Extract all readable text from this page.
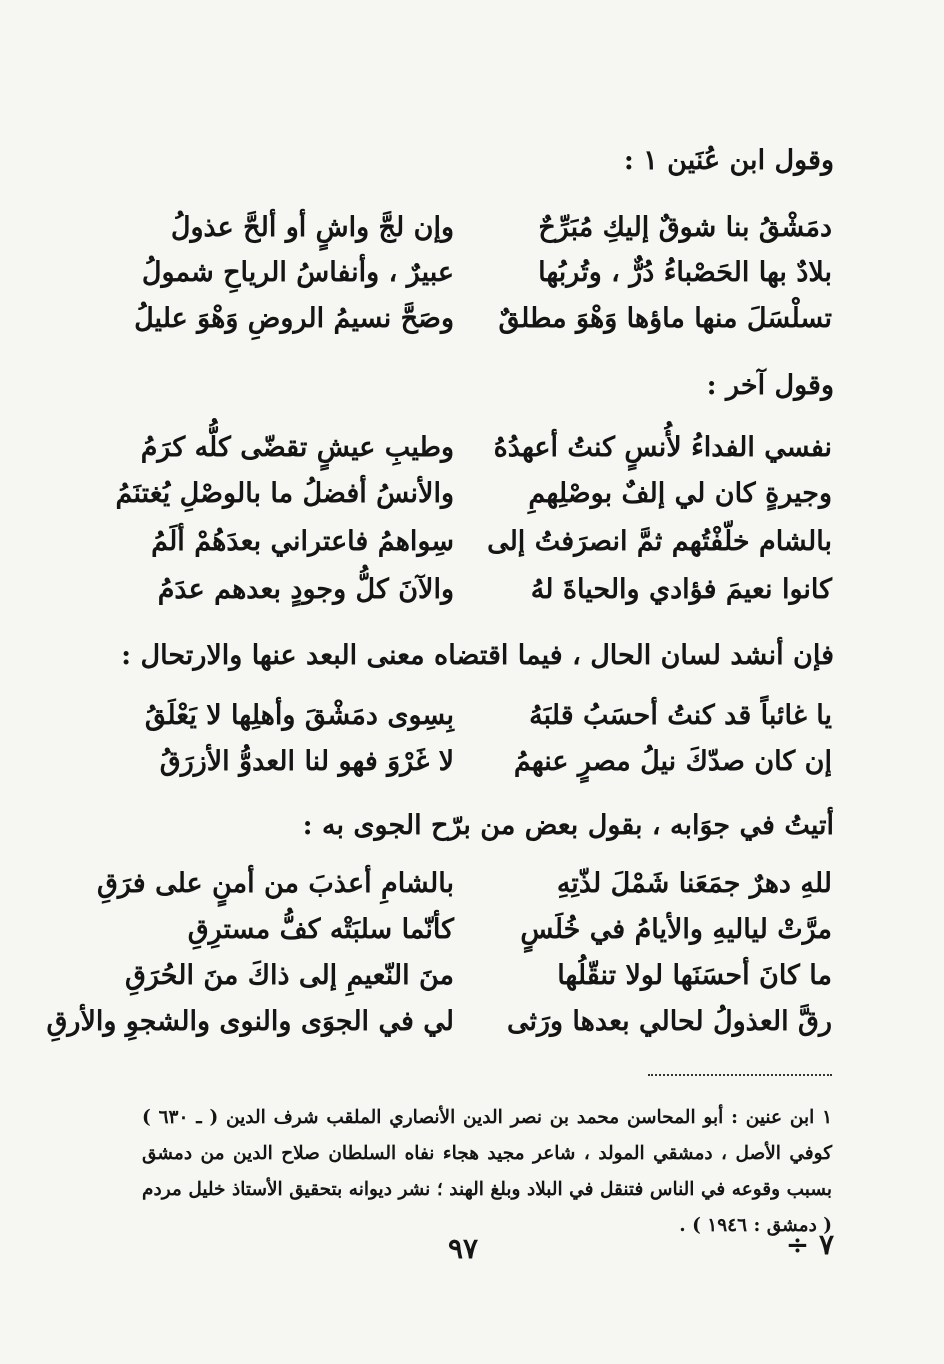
وقول ابن عُنَين ١ :
دمَشْقُ بنا شوقٌ إليكِ مُبَرِّحٌ
وإن لجَّ واشٍ أو ألحَّ عذولُ
بلادٌ بها الحَصْباءُ دُرٌّ ، وتُربُها
عبيرٌ ، وأنفاسُ الرياحِ شمولُ
تسلْسَلَ منها ماؤها وَهْوَ مطلقٌ
وصَحَّ نسيمُ الروضِ وَهْوَ عليلُ
وقول آخر :
نفسي الفداءُ لأُنسٍ كنتُ أعهدُهُ
وطيبِ عيشٍ تقضّى كلُّه كرَمُ
وجيرةٍ كان لي إلفٌ بوصْلِهمِ
والأنسُ أفضلُ ما بالوصْلِ يُغتنَمُ
بالشام خلّفْتُهم ثمَّ انصرَفتُ إلى
سِواهمُ فاعتراني بعدَهُمْ ألَمُ
كانوا نعيمَ فؤادي والحياةَ لهُ
والآنَ كلُّ وجودٍ بعدهم عدَمُ
فإن أنشد لسان الحال ، فيما اقتضاه معنى البعد عنها والارتحال :
يا غائباً قد كنتُ أحسَبُ قلبَهُ
بِسِوى دمَشْقَ وأهلِها لا يَعْلَقُ
إن كان صدّكَ نيلُ مصرٍ عنهمُ
لا غَرْوَ فهو لنا العدوُّ الأزرَقُ
أتيتُ في جوَابه ، بقول بعض من برّح الجوى به :
للهِ دهرٌ جمَعَنا شَمْلَ لذّتِهِ
بالشامِ أعذبَ من أمنٍ على فرَقِ
مرَّتْ لياليهِ والأيامُ في خُلَسٍ
كأنّما سلبَتْه كفُّ مسترِقِ
ما كانَ أحسَنَها لولا تنقّلُها
منَ النّعيمِ إلى ذاكَ منَ الحُرَقِ
رقَّ العذولُ لحالي بعدها ورَثى
لي في الجوَى والنوى والشجوِ والأرقِ
١ ابن عنين : أبو المحاسن محمد بن نصر الدين الأنصاري الملقب شرف الدين ( ـ ٦٣٠ ) كوفي الأصل ، دمشقي المولد ، شاعر مجيد هجاء نفاه السلطان صلاح الدين من دمشق بسبب وقوعه في الناس فتنقل في البلاد وبلغ الهند ؛ نشر ديوانه بتحقيق الأستاذ خليل مردم ( دمشق : ١٩٤٦ ) .
٩٧	٧ ÷
